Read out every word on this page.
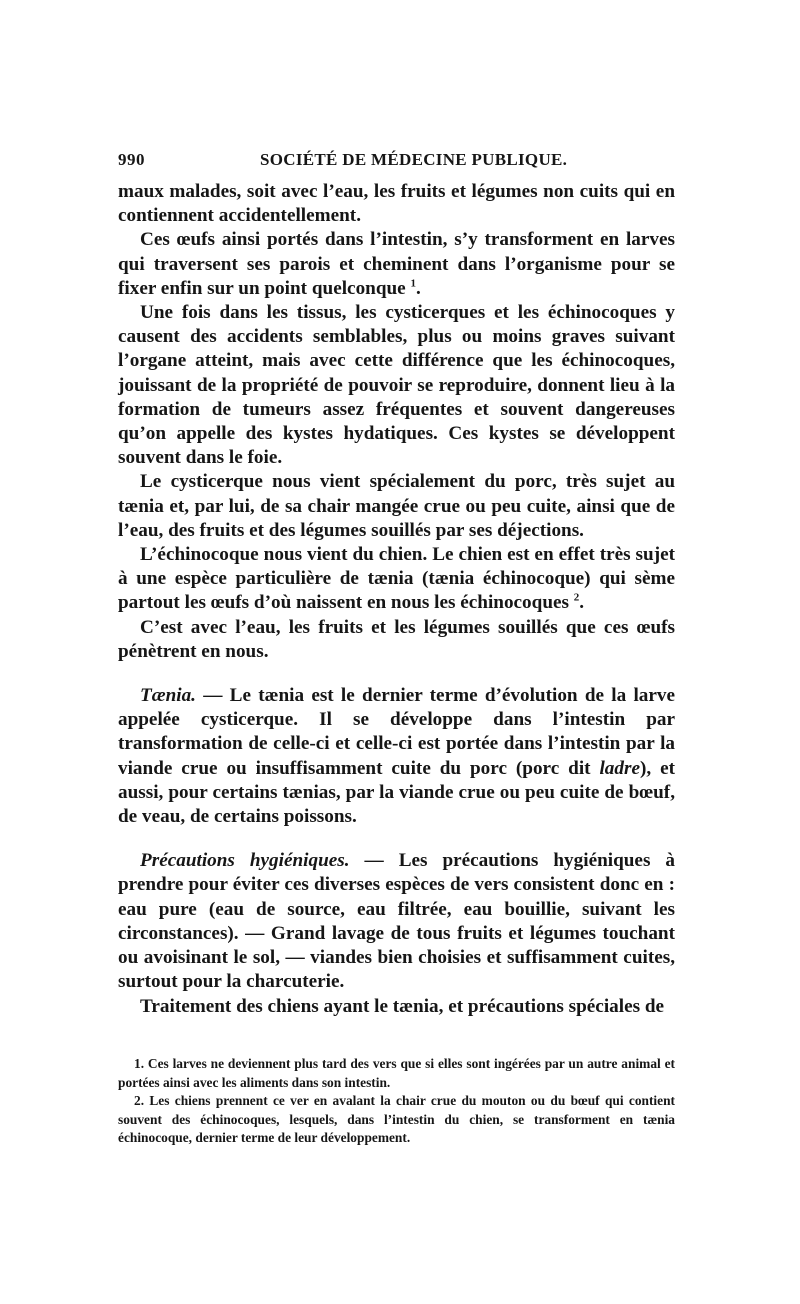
990	SOCIÉTÉ DE MÉDECINE PUBLIQUE.

maux malades, soit avec l’eau, les fruits et légumes non cuits qui en contiennent accidentellement.

Ces œufs ainsi portés dans l’intestin, s’y transforment en larves qui traversent ses parois et cheminent dans l’organisme pour se fixer enfin sur un point quelconque $^1$.

Une fois dans les tissus, les cysticerques et les échinocoques y causent des accidents semblables, plus ou moins graves suivant l’organe atteint, mais avec cette différence que les échinocoques, jouissant de la propriété de pouvoir se reproduire, donnent lieu à la formation de tumeurs assez fréquentes et souvent dangereuses qu’on appelle des kystes hydatiques. Ces kystes se développent souvent dans le foie.

Le cysticerque nous vient spécialement du porc, très sujet au tænia et, par lui, de sa chair mangée crue ou peu cuite, ainsi que de l’eau, des fruits et des légumes souillés par ses déjections.

L’échinocoque nous vient du chien. Le chien est en effet très sujet à une espèce particulière de tænia (tænia échinocoque) qui sème partout les œufs d’où naissent en nous les échinocoques $^2$.

C’est avec l’eau, les fruits et les légumes souillés que ces œufs pénètrent en nous.

Tænia. — Le tænia est le dernier terme d’évolution de la larve appelée cysticerque. Il se développe dans l’intestin par transformation de celle-ci et celle-ci est portée dans l’intestin par la viande crue ou insuffisamment cuite du porc (porc dit ladre), et aussi, pour certains tænias, par la viande crue ou peu cuite de bœuf, de veau, de certains poissons.

Précautions hygiéniques. — Les précautions hygiéniques à prendre pour éviter ces diverses espèces de vers consistent donc en : eau pure (eau de source, eau filtrée, eau bouillie, suivant les circonstances). — Grand lavage de tous fruits et légumes touchant ou avoisinant le sol, — viandes bien choisies et suffisamment cuites, surtout pour la charcuterie.

Traitement des chiens ayant le tænia, et précautions spéciales de

1. Ces larves ne deviennent plus tard des vers que si elles sont ingérées par un autre animal et portées ainsi avec les aliments dans son intestin.

2. Les chiens prennent ce ver en avalant la chair crue du mouton ou du bœuf qui contient souvent des échinocoques, lesquels, dans l’intestin du chien, se transforment en tænia échinocoque, dernier terme de leur développement.
